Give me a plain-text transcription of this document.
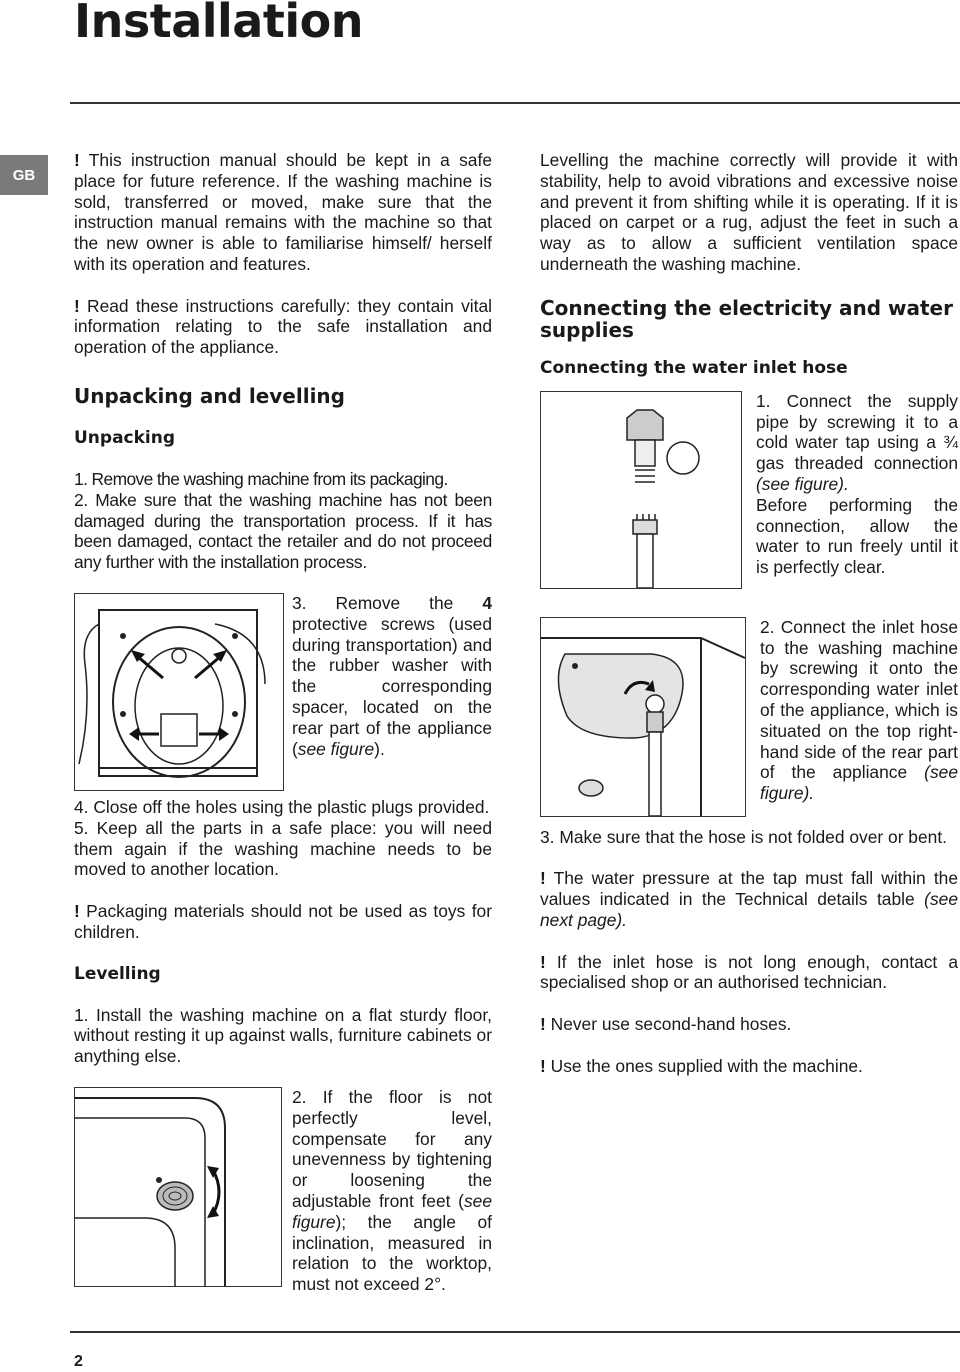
Installation
GB

! This instruction manual should be kept in a safe place for future reference. If the washing machine is sold, transferred or moved, make sure that the instruction manual remains with the machine so that the new owner is able to familiarise himself/ herself with its operation and features.

! Read these instructions carefully: they contain vital information relating to the safe installation and operation of the appliance.

Unpacking and levelling
Unpacking

1. Remove the washing machine from its packaging.

2. Make sure that the washing machine has not been damaged during the transportation process. If it has been damaged, contact the retailer and do not proceed any further with the installation process.

3. Remove the 4 protective screws (used during transportation) and the rubber washer with the corresponding spacer, located on the rear part of the appliance (see figure).

4. Close off the holes using the plastic plugs provided.

5. Keep all the parts in a safe place: you will need them again if the washing machine needs to be moved to another location.

! Packaging materials should not be used as toys for children.

Levelling

1. Install the washing machine on a flat sturdy floor, without resting it up against walls, furniture cabinets or anything else.

2. If the floor is not perfectly level, compensate for any unevenness by tightening or loosening the adjustable front feet (see figure); the angle of inclination, measured in relation to the worktop, must not exceed 2°.

Levelling the machine correctly will provide it with stability, help to avoid vibrations and excessive noise and prevent it from shifting while it is operating. If it is placed on carpet or a rug, adjust the feet in such a way as to allow a sufficient ventilation space underneath the washing machine.

Connecting the electricity and water supplies
Connecting the water inlet hose

1. Connect the supply pipe by screwing it to a cold water tap using a ¾ gas threaded connection (see figure).

Before performing the connection, allow the water to run freely until it is perfectly clear.

2. Connect the inlet hose to the washing machine by screwing it onto the corresponding water inlet of the appliance, which is situated on the top right-hand side of the rear part of the appliance (see figure).

3. Make sure that the hose is not folded over or bent.

! The water pressure at the tap must fall within the values indicated in the Technical details table (see next page).

! If the inlet hose is not long enough, contact a specialised shop or an authorised technician.

! Never use second-hand hoses.

! Use the ones supplied with the machine.

2
